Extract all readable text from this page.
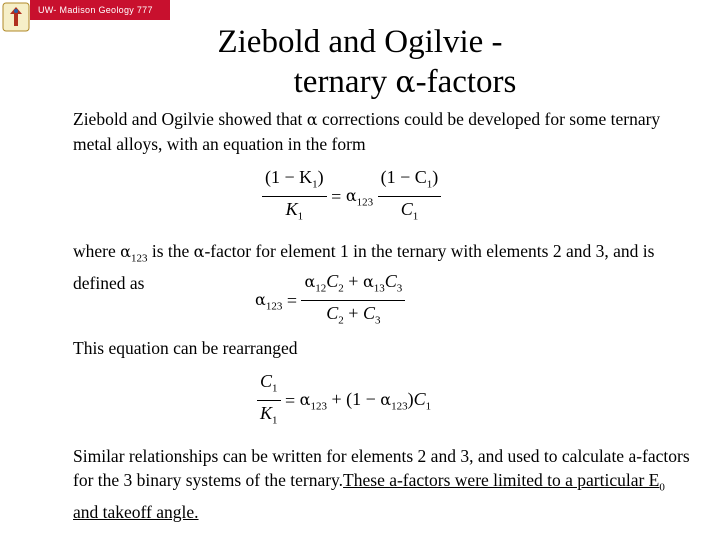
UW- Madison Geology 777
Ziebold and Ogilvie -
ternary α-factors
Ziebold and Ogilvie showed that α corrections could be developed for some ternary metal alloys, with an equation in the form
$\frac{(1 - K_1)}{K_1} = \alpha_{123} \frac{(1 - C_1)}{C_1}$
where $\alpha_{123}$ is the α-factor for element 1 in the ternary with elements 2 and 3, and is defined as
$\alpha_{123} = \frac{\alpha_{12}C_2 + \alpha_{13}C_3}{C_2 + C_3}$
This equation can be rearranged
$\frac{C_1}{K_1} = \alpha_{123} + (1 - \alpha_{123})C_1$
Similar relationships can be written for elements 2 and 3, and used to calculate a-factors for the 3 binary systems of the ternary.These a-factors were limited to a particular $E_0$ and takeoff angle.
